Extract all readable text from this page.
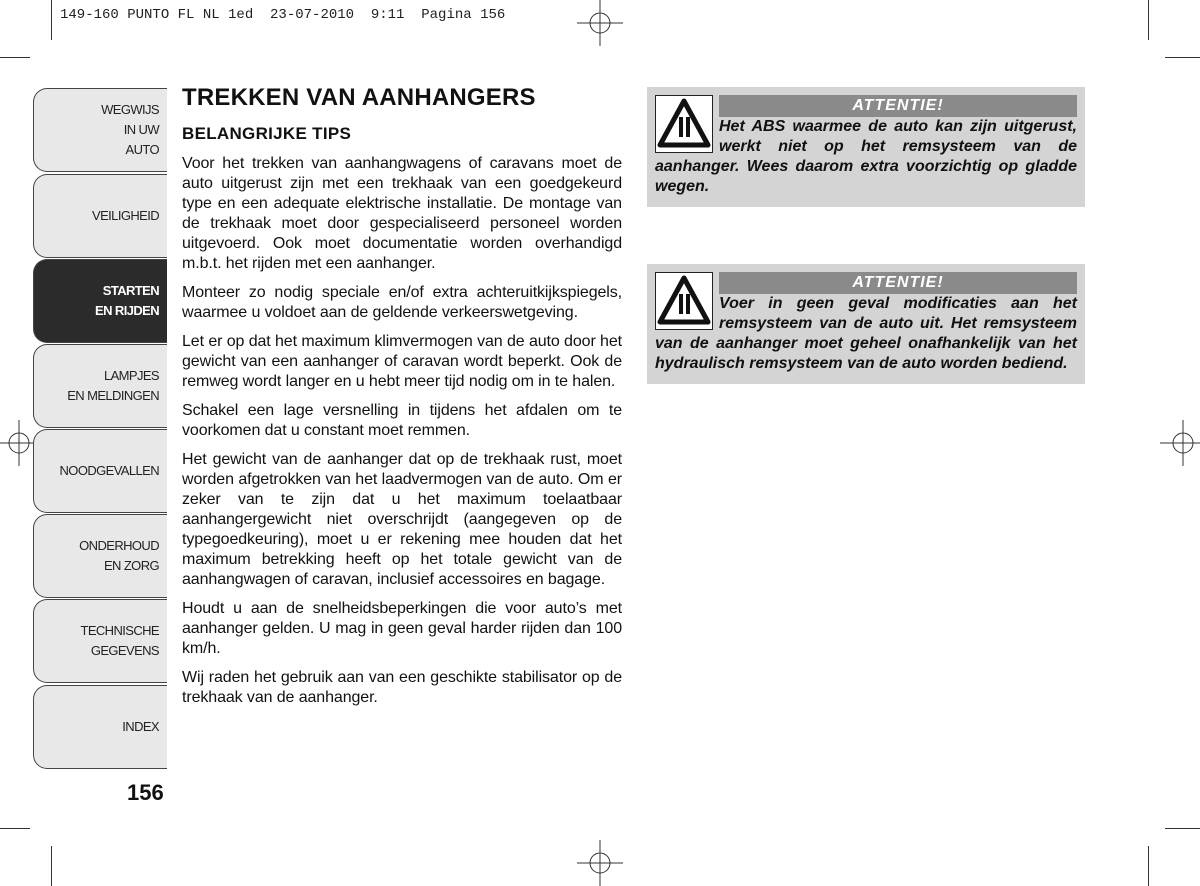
149-160 PUNTO FL NL 1ed  23-07-2010  9:11  Pagina 156
WEGWIJS
IN UW
AUTO
VEILIGHEID
STARTEN
EN RIJDEN
LAMPJES
EN MELDINGEN
NOODGEVALLEN
ONDERHOUD
EN ZORG
TECHNISCHE
GEGEVENS
INDEX
156
TREKKEN VAN AANHANGERS
BELANGRIJKE TIPS

Voor het trekken van aanhangwagens of caravans moet de auto uitgerust zijn met een trekhaak van een goedgekeurd type en een adequate elektrische installatie. De montage van de trekhaak moet door gespecialiseerd personeel worden uitgevoerd. Ook moet documentatie worden overhandigd m.b.t. het rijden met een aanhanger.

Monteer zo nodig speciale en/of extra achteruitkijkspiegels, waarmee u voldoet aan de geldende verkeerswetgeving.

Let er op dat het maximum klimvermogen van de auto door het gewicht van een aanhanger of caravan wordt beperkt. Ook de remweg wordt langer en u hebt meer tijd nodig om in te halen.

Schakel een lage versnelling in tijdens het afdalen om te voorkomen dat u constant moet remmen.

Het gewicht van de aanhanger dat op de trekhaak rust, moet worden afgetrokken van het laadvermogen van de auto. Om er zeker van te zijn dat u het maximum toelaatbaar aanhangergewicht niet overschrijdt (aangegeven op de typegoedkeuring), moet u er rekening mee houden dat het maximum betrekking heeft op het totale gewicht van de aanhangwagen of caravan, inclusief accessoires en bagage.

Houdt u aan de snelheidsbeperkingen die voor auto’s met aanhanger gelden. U mag in geen geval harder rijden dan 100 km/h.

Wij raden het gebruik aan van een geschikte stabilisator op de trekhaak van de aanhanger.

ATTENTIE!
Het ABS waarmee de auto kan zijn uitgerust, werkt niet op het remsysteem van de aanhanger. Wees daarom extra voorzichtig op gladde wegen.
ATTENTIE!
Voer in geen geval modificaties aan het remsysteem van de auto uit. Het remsysteem van de aanhanger moet geheel onafhankelijk van het hydraulisch remsysteem van de auto worden bediend.
